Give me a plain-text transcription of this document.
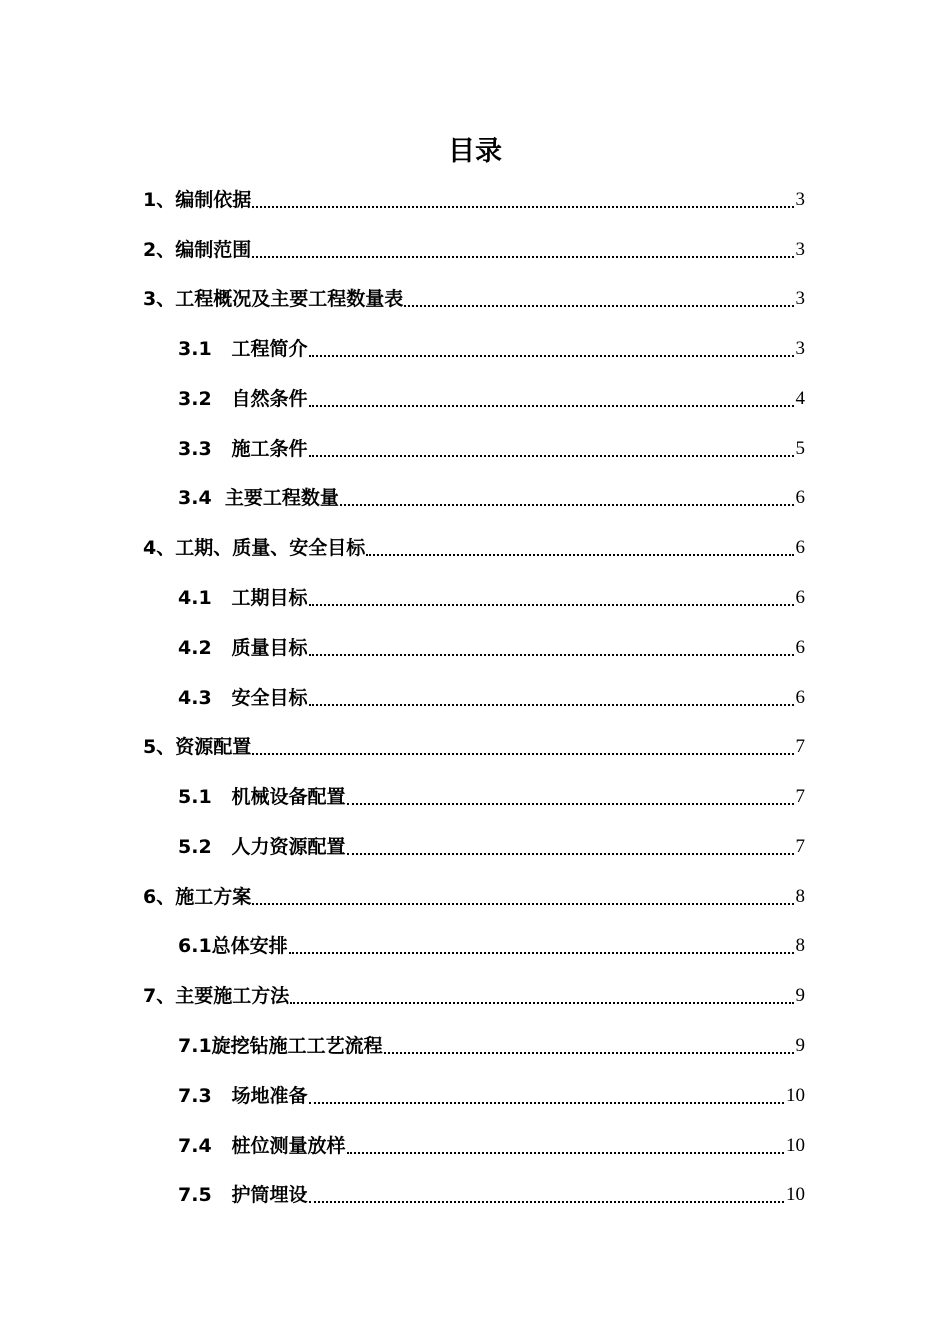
目录
1、 编制依据	3
2、 编制范围	3
3、 工程概况及主要工程数量表	3
3.1 工程简介	3
3.2 自然条件	4
3.3 施工条件	5
3.4 主要工程数量	6
4、 工期、质量、安全目标	6
4.1 工期目标	6
4.2 质量目标	6
4.3 安全目标	6
5、 资源配置	7
5.1 机械设备配置	7
5.2 人力资源配置	7
6、 施工方案	8
6.1 总体安排	8
7、 主要施工方法	9
7.1 旋挖钻施工工艺流程	9
7.3 场地准备	10
7.4 桩位测量放样	10
7.5 护筒埋设	10
